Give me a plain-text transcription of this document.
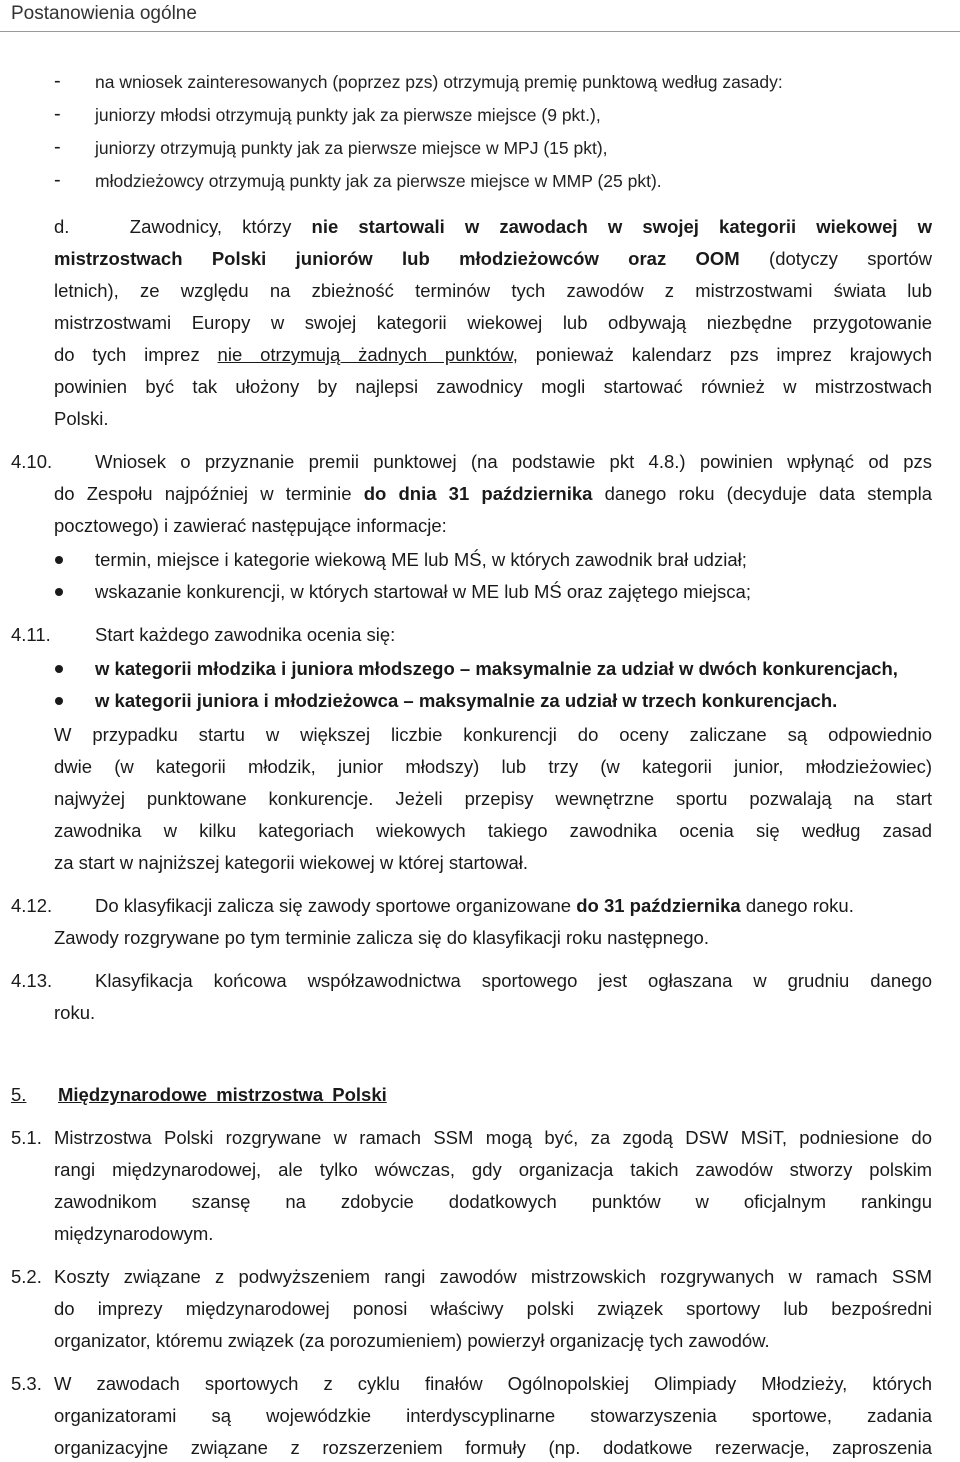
Postanowienia ogólne
- na wniosek zainteresowanych (poprzez pzs) otrzymują premię punktową według zasady:
- juniorzy młodsi otrzymują punkty jak za pierwsze miejsce (9 pkt.),
- juniorzy otrzymują punkty jak za pierwsze miejsce w MPJ (15 pkt),
- młodzieżowcy otrzymują punkty jak za pierwsze miejsce w MMP (25 pkt).
d.	Zawodnicy, którzy nie startowali w zawodach w swojej kategorii wiekowej w
mistrzostwach Polski juniorów lub młodzieżowców oraz OOM (dotyczy sportów
letnich), ze względu na zbieżność terminów tych zawodów z mistrzostwami świata lub
mistrzostwami Europy w swojej kategorii wiekowej lub odbywają niezbędne przygotowanie
do tych imprez nie otrzymują żadnych punktów, ponieważ kalendarz pzs imprez krajowych
powinien być tak ułożony by najlepsi zawodnicy mogli startować również w mistrzostwach
Polski.
4.10. Wniosek o przyznanie premii punktowej (na podstawie pkt 4.8.) powinien wpłynąć od pzs
do Zespołu najpóźniej w terminie do dnia 31 października danego roku (decyduje data stempla
pocztowego) i zawierać następujące informacje:
termin, miejsce i kategorie wiekową ME lub MŚ, w których zawodnik brał udział;
wskazanie konkurencji, w których startował w ME lub MŚ oraz zajętego miejsca;
4.11. Start każdego zawodnika ocenia się:
w kategorii młodzika i juniora młodszego – maksymalnie za udział w dwóch konkurencjach,
w kategorii juniora i młodzieżowca – maksymalnie za udział w trzech konkurencjach.
W przypadku startu w większej liczbie konkurencji do oceny zaliczane są odpowiednio
dwie (w kategorii młodzik, junior młodszy) lub trzy (w kategorii junior, młodzieżowiec)
najwyżej punktowane konkurencje. Jeżeli przepisy wewnętrzne sportu pozwalają na start
zawodnika w kilku kategoriach wiekowych takiego zawodnika ocenia się według zasad
za start w najniższej kategorii wiekowej w której startował.
4.12. Do klasyfikacji zalicza się zawody sportowe organizowane do 31 października danego roku.
Zawody rozgrywane po tym terminie zalicza się do klasyfikacji roku następnego.
4.13. Klasyfikacja końcowa współzawodnictwa sportowego jest ogłaszana w grudniu danego
roku.
5. Międzynarodowe mistrzostwa Polski
5.1. Mistrzostwa Polski rozgrywane w ramach SSM mogą być, za zgodą DSW MSiT, podniesione do
rangi międzynarodowej, ale tylko wówczas, gdy organizacja takich zawodów stworzy polskim
zawodnikom szansę na zdobycie dodatkowych punktów w oficjalnym rankingu
międzynarodowym.
5.2. Koszty związane z podwyższeniem rangi zawodów mistrzowskich rozgrywanych w ramach SSM
do imprezy międzynarodowej ponosi właściwy polski związek sportowy lub bezpośredni
organizator, któremu związek (za porozumieniem) powierzył organizację tych zawodów.
5.3. W zawodach sportowych z cyklu finałów Ogólnopolskiej Olimpiady Młodzieży, których
organizatorami są wojewódzkie interdyscyplinarne stowarzyszenia sportowe, zadania
organizacyjne związane z rozszerzeniem formuły (np. dodatkowe rezerwacje, zaproszenia
